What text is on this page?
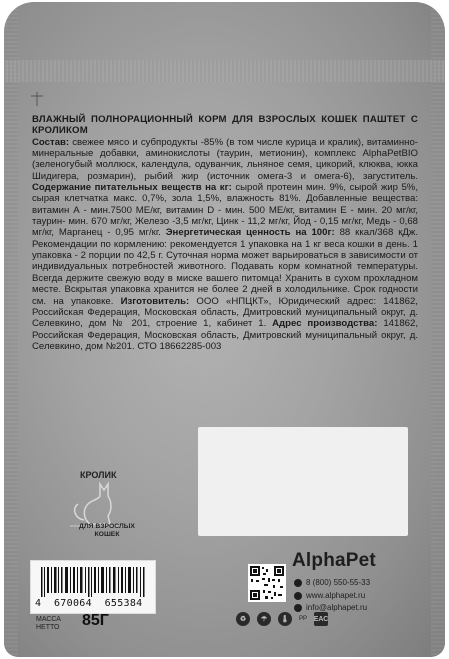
ВЛАЖНЫЙ ПОЛНОРАЦИОННЫЙ КОРМ ДЛЯ ВЗРОСЛЫХ КОШЕК ПАШТЕТ С КРОЛИКОМ
Состав: свежее мясо и субпродукты -85% (в том числе курица и кралик), витаминно-минеральные добавки, аминокислоты (таурин, метионин), комплекс AlphaPetBIO (зеленогубый моллюск, календула, одуванчик, льняное семя, цикорий, клюква, юкка Шидигера, розмарин), рыбий жир (источник омега-3 и омега-6), загуститель. Содержание питательных веществ на кг: сырой протеин мин. 9%, сырой жир 5%, сырая клетчатка макс. 0,7%, зола 1,5%, влажность 81%. Добавленные вещества: витамин А - мин.7500 МЕ/кг, витамин D - мин. 500 МЕ/кг, витамин Е - мин. 20 мг/кг, таурин- мин. 670 мг/кг, Железо -3,5 мг/кг, Цинк - 11,2 мг/кг, Йод - 0,15 мг/кг, Медь - 0,68 мг/кг, Марганец - 0,95 мг/кг. Энергетическая ценность на 100г: 88 ккал/368 кДж. Рекомендации по кормлению: рекомендуется 1 упаковка на 1 кг веса кошки в день. 1 упаковка - 2 порции по 42,5 г. Суточная норма может варьироваться в зависимости от индивидуальных потребностей животного. Подавать корм комнатной температуры. Всегда держите свежую воду в миске вашего питомца! Хранить в сухом прохладном месте. Вскрытая упаковка хранится не более 2 дней в холодильнике. Срок годности см. на упаковке. Изготовитель: ООО «НПЦКТ», Юридический адрес: 141862, Российская Федерация, Московская область, Дмитровский муниципальный округ, д. Селевкино, дом № 201, строение 1, кабинет 1. Адрес производства: 141862, Российская Федерация, Московская область, Дмитровский муниципальный округ, д. Селевкино, дом №201. СТО 18662285-003
КРОЛИК
ДЛЯ ВЗРОСЛЫХ КОШЕК
4 670064 655384
МАССА НЕТТО	85Г
AlphaPet
8 (800) 550-55-33
www.alphapet.ru
info@alphapet.ru
♻	☂	🌡	PP ЕАС
